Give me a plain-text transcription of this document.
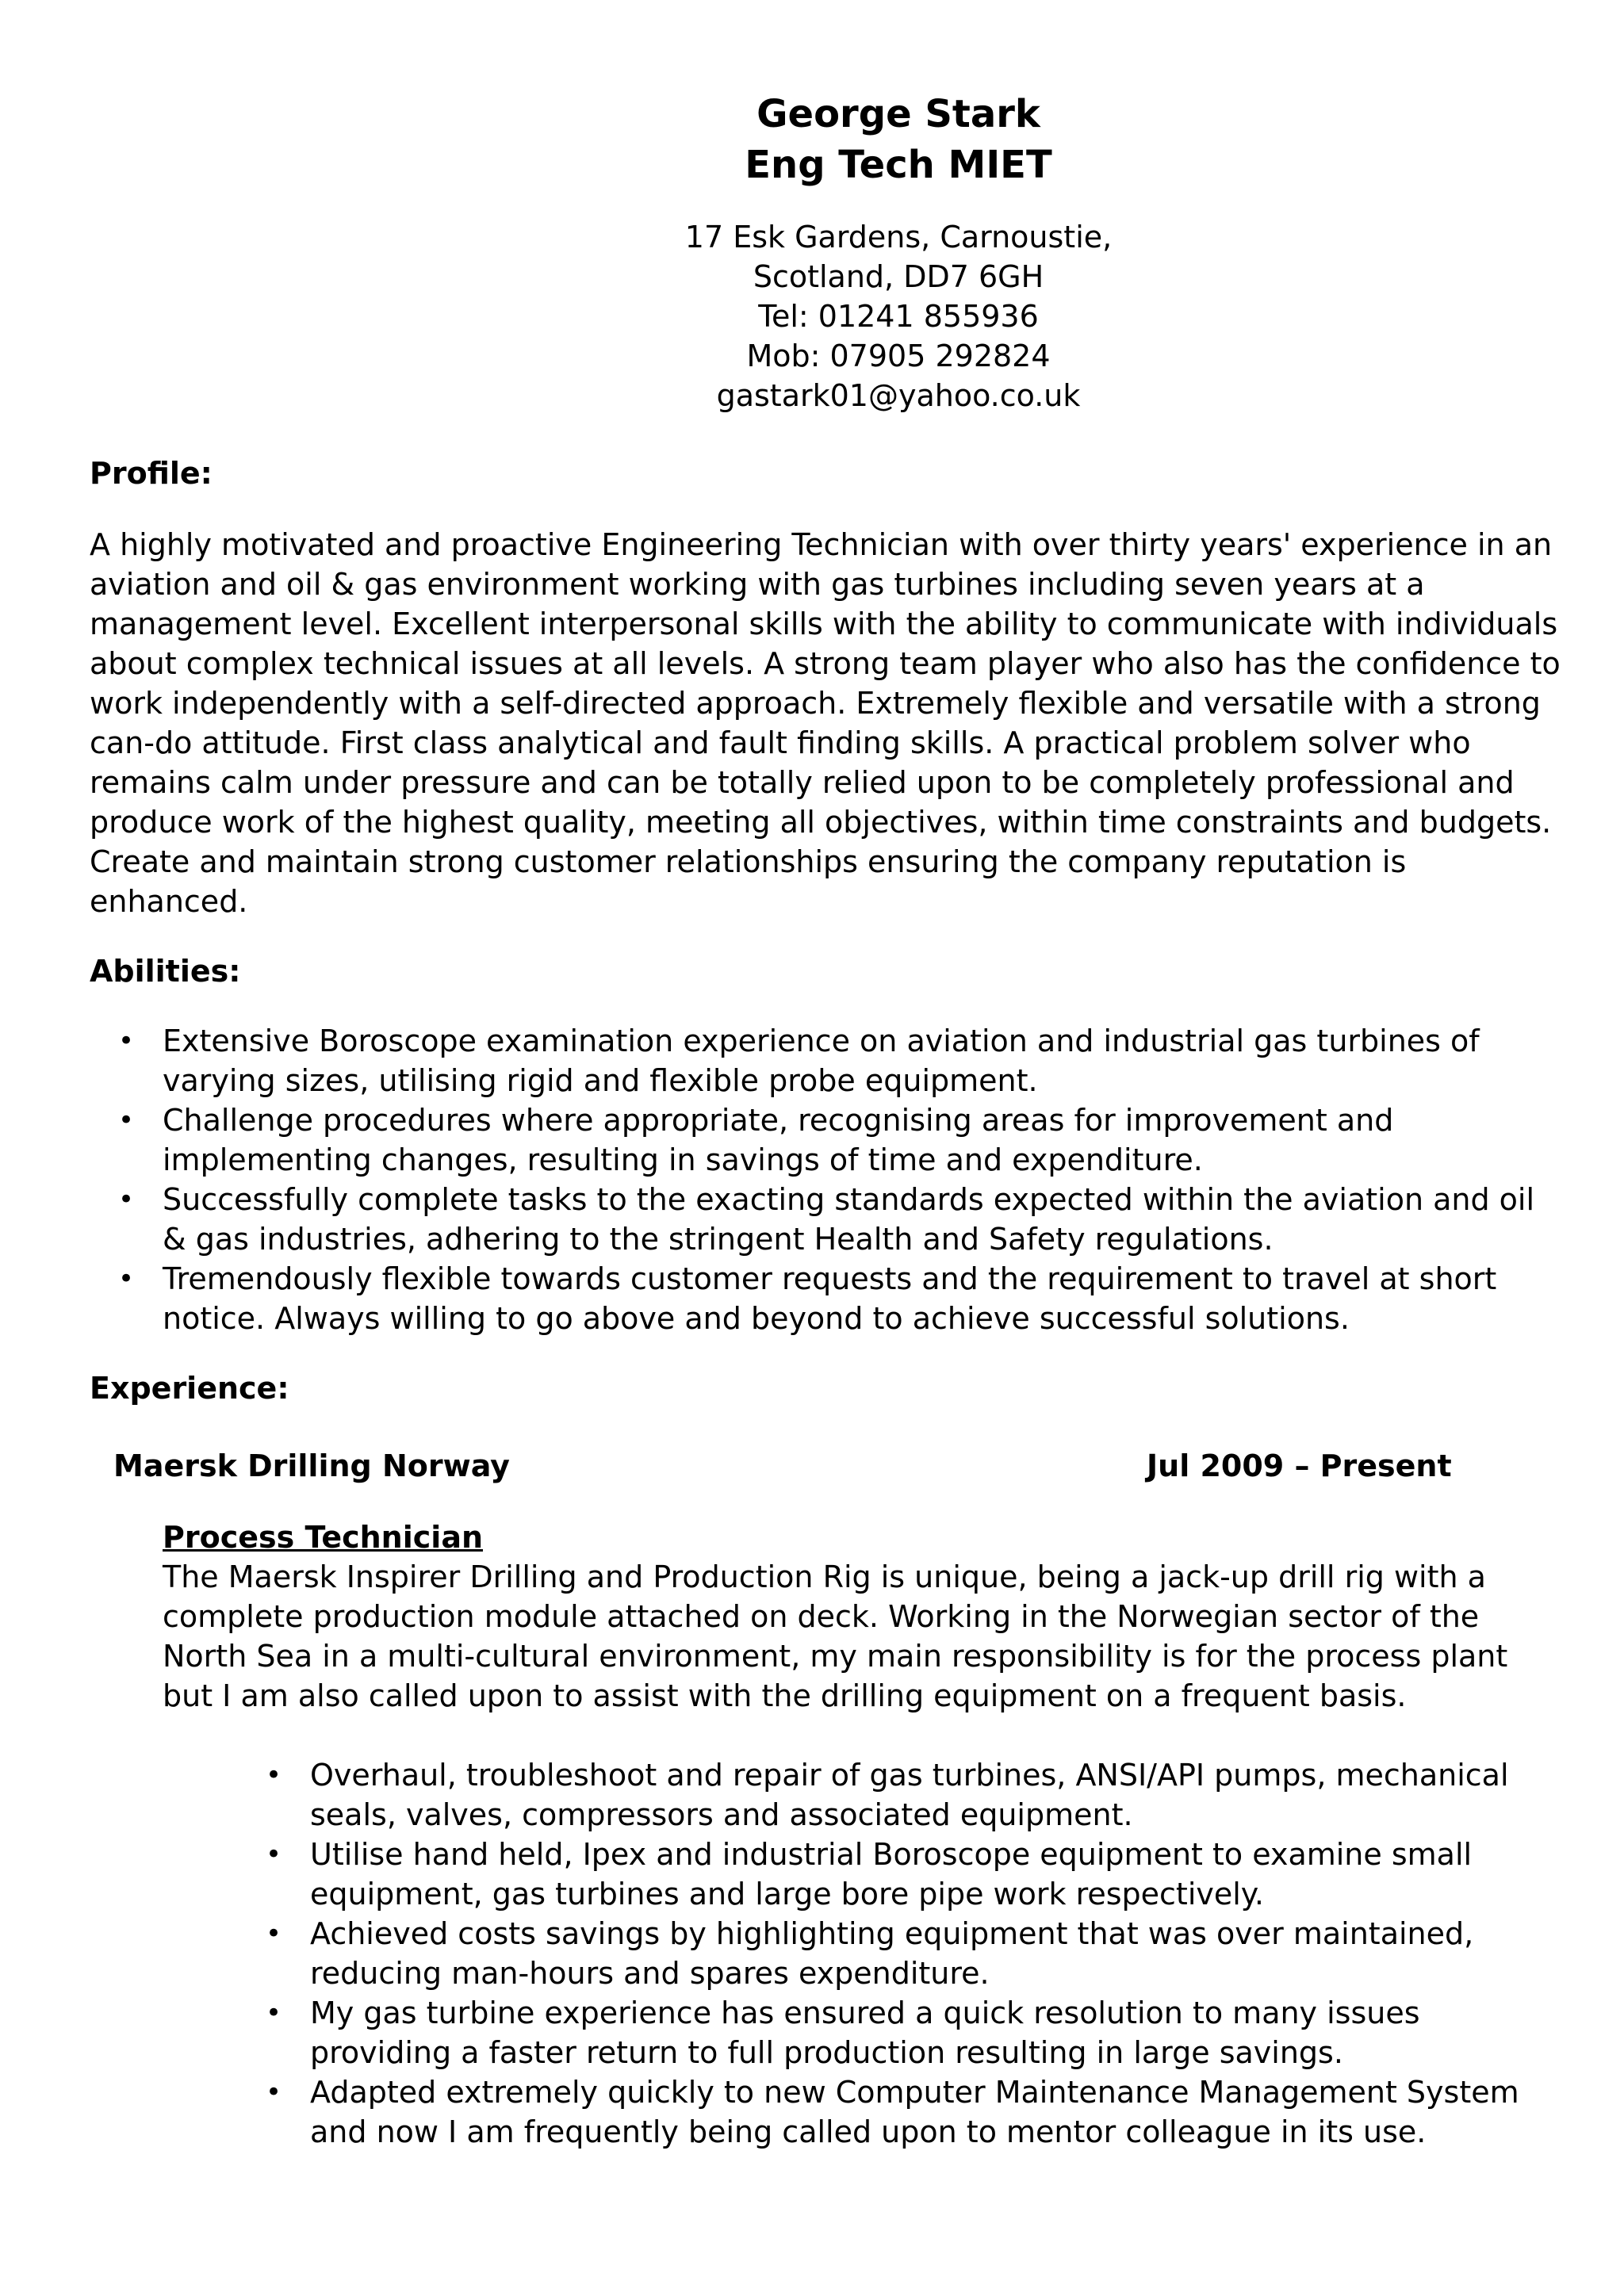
George Stark
Eng Tech MIET
17 Esk Gardens, Carnoustie,
Scotland, DD7 6GH
Tel: 01241 855936
Mob: 07905 292824
gastark01@yahoo.co.uk
Profile:

A highly motivated and proactive Engineering Technician with over thirty years' experience in an aviation and oil & gas environment working with gas turbines including seven years at a management level. Excellent interpersonal skills with the ability to communicate with individuals about complex technical issues at all levels. A strong team player who also has the confidence to work independently with a self-directed approach. Extremely flexible and versatile with a strong can-do attitude. First class analytical and fault finding skills. A practical problem solver who remains calm under pressure and can be totally relied upon to be completely professional and produce work of the highest quality, meeting all objectives, within time constraints and budgets. Create and maintain strong customer relationships ensuring the company reputation is enhanced.

Abilities:
• Extensive Boroscope examination experience on aviation and industrial gas turbines of varying sizes, utilising rigid and flexible probe equipment.
• Challenge procedures where appropriate, recognising areas for improvement and implementing changes, resulting in savings of time and expenditure.
• Successfully complete tasks to the exacting standards expected within the aviation and oil & gas industries, adhering to the stringent Health and Safety regulations.
• Tremendously flexible towards customer requests and the requirement to travel at short notice. Always willing to go above and beyond to achieve successful solutions.
Experience:
Maersk Drilling Norway	Jul 2009 – Present
Process Technician

The Maersk Inspirer Drilling and Production Rig is unique, being a jack-up drill rig with a complete production module attached on deck. Working in the Norwegian sector of the North Sea in a multi-cultural environment, my main responsibility is for the process plant but I am also called upon to assist with the drilling equipment on a frequent basis.

• Overhaul, troubleshoot and repair of gas turbines, ANSI/API pumps, mechanical seals, valves, compressors and associated equipment.
• Utilise hand held, Ipex and industrial Boroscope equipment to examine small equipment, gas turbines and large bore pipe work respectively.
• Achieved costs savings by highlighting equipment that was over maintained, reducing man-hours and spares expenditure.
• My gas turbine experience has ensured a quick resolution to many issues providing a faster return to full production resulting in large savings.
• Adapted extremely quickly to new Computer Maintenance Management System and now I am frequently being called upon to mentor colleague in its use.
